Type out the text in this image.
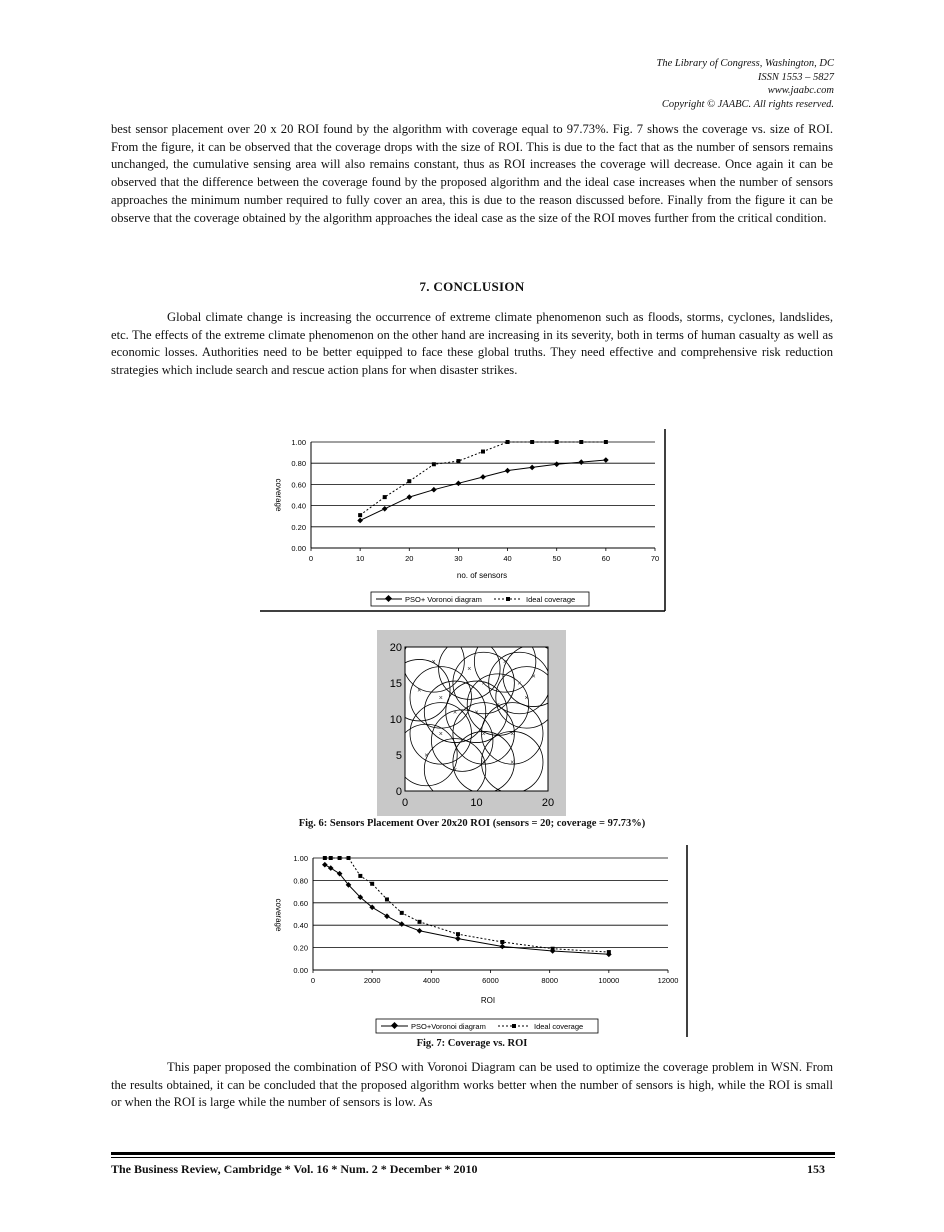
The Library of Congress, Washington, DC
ISSN 1553 – 5827
www.jaabc.com
Copyright © JAABC. All rights reserved.
best sensor placement over 20 x 20 ROI found by the algorithm with coverage equal to 97.73%. Fig. 7 shows the coverage vs. size of ROI. From the figure, it can be observed that the coverage drops with the size of ROI. This is due to the fact that as the number of sensors remains unchanged, the cumulative sensing area will also remains constant, thus as ROI increases the coverage will decrease. Once again it can be observed that the difference between the coverage found by the proposed algorithm and the ideal case increases when the number of sensors approaches the minimum number required to fully cover an area, this is due to the reason discussed before. Finally from the figure it can be observe that the coverage obtained by the algorithm approaches the ideal case as the size of the ROI moves further from the critical condition.
7. CONCLUSION
Global climate change is increasing the occurrence of extreme climate phenomenon such as floods, storms, cyclones, landslides, etc. The effects of the extreme climate phenomenon on the other hand are increasing in its severity, both in terms of human casualty as well as economic losses. Authorities need to be better equipped to face these global truths. They need effective and comprehensive risk reduction strategies which include search and rescue action plans for when disaster strikes.
0.00
0.20
0.40
0.60
0.80
1.00
0	10	20	30	40	50	60	70
no. of sensors
coverage
PSO+ Voronoi diagram	Ideal coverage
×
×
×
×
×
×
×
×
× ×
×
×
×
×
×	×
×
×
×	×
0	10	20
0
5
10
15
20
Fig. 6: Sensors Placement Over 20x20 ROI (sensors = 20; coverage = 97.73%)
0.00
0.20
0.40
0.60
0.80
1.00
0	2000	4000	6000	8000	10000	12000
ROI
coverage
PSO+Voronoi diagram	Ideal coverage
Fig. 7: Coverage vs. ROI
This paper proposed the combination of PSO with Voronoi Diagram can be used to optimize the coverage problem in WSN. From the results obtained, it can be concluded that the proposed algorithm works better when the number of sensors is high, while the ROI is small or when the ROI is large while the number of sensors is low. As
The Business Review, Cambridge * Vol. 16 * Num. 2 * December * 2010	153
